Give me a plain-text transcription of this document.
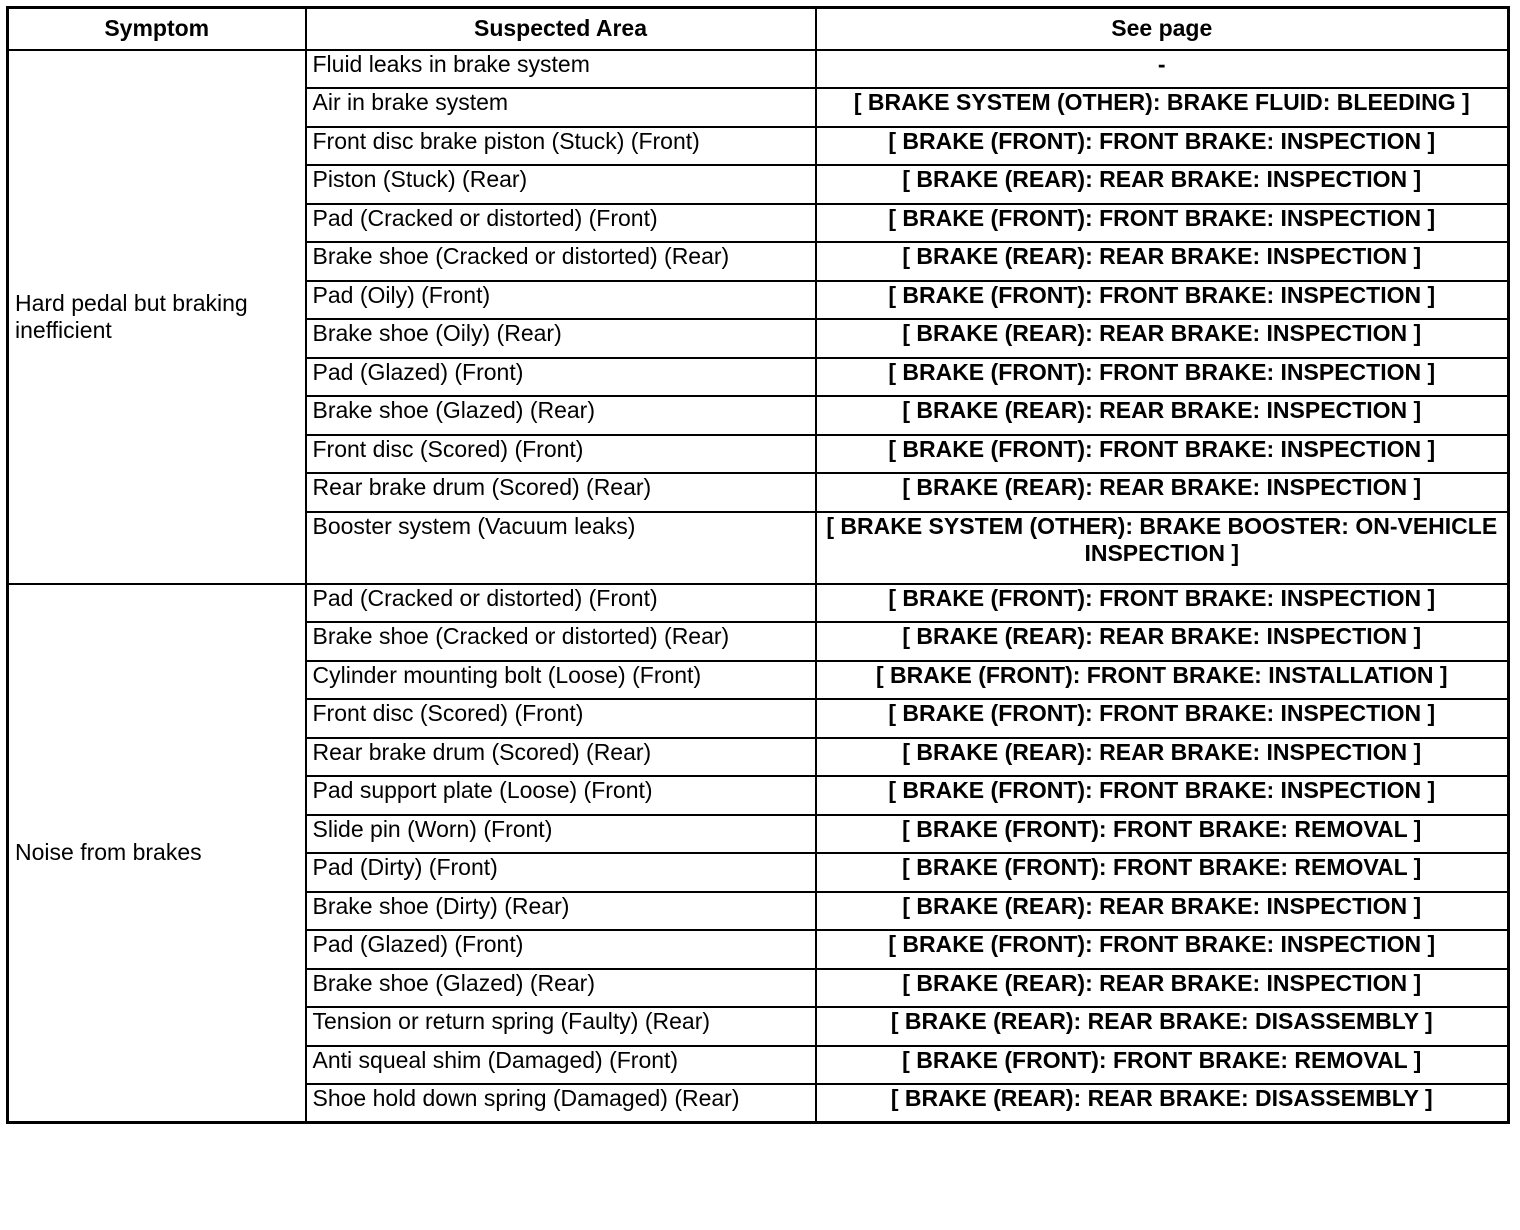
Symptom	Suspected Area	See page
Hard pedal but braking inefficient	Fluid leaks in brake system	-
	Air in brake system	[ BRAKE SYSTEM (OTHER): BRAKE FLUID: BLEEDING ]
	Front disc brake piston (Stuck) (Front)	[ BRAKE (FRONT): FRONT BRAKE: INSPECTION ]
	Piston (Stuck) (Rear)	[ BRAKE (REAR): REAR BRAKE: INSPECTION ]
	Pad (Cracked or distorted) (Front)	[ BRAKE (FRONT): FRONT BRAKE: INSPECTION ]
	Brake shoe (Cracked or distorted) (Rear)	[ BRAKE (REAR): REAR BRAKE: INSPECTION ]
	Pad (Oily) (Front)	[ BRAKE (FRONT): FRONT BRAKE: INSPECTION ]
	Brake shoe (Oily) (Rear)	[ BRAKE (REAR): REAR BRAKE: INSPECTION ]
	Pad (Glazed) (Front)	[ BRAKE (FRONT): FRONT BRAKE: INSPECTION ]
	Brake shoe (Glazed) (Rear)	[ BRAKE (REAR): REAR BRAKE: INSPECTION ]
	Front disc (Scored) (Front)	[ BRAKE (FRONT): FRONT BRAKE: INSPECTION ]
	Rear brake drum (Scored) (Rear)	[ BRAKE (REAR): REAR BRAKE: INSPECTION ]
	Booster system (Vacuum leaks)	[ BRAKE SYSTEM (OTHER): BRAKE BOOSTER: ON-VEHICLE INSPECTION ]
Noise from brakes	Pad (Cracked or distorted) (Front)	[ BRAKE (FRONT): FRONT BRAKE: INSPECTION ]
	Brake shoe (Cracked or distorted) (Rear)	[ BRAKE (REAR): REAR BRAKE: INSPECTION ]
	Cylinder mounting bolt (Loose) (Front)	[ BRAKE (FRONT): FRONT BRAKE: INSTALLATION ]
	Front disc (Scored) (Front)	[ BRAKE (FRONT): FRONT BRAKE: INSPECTION ]
	Rear brake drum (Scored) (Rear)	[ BRAKE (REAR): REAR BRAKE: INSPECTION ]
	Pad support plate (Loose) (Front)	[ BRAKE (FRONT): FRONT BRAKE: INSPECTION ]
	Slide pin (Worn) (Front)	[ BRAKE (FRONT): FRONT BRAKE: REMOVAL ]
	Pad (Dirty) (Front)	[ BRAKE (FRONT): FRONT BRAKE: REMOVAL ]
	Brake shoe (Dirty) (Rear)	[ BRAKE (REAR): REAR BRAKE: INSPECTION ]
	Pad (Glazed) (Front)	[ BRAKE (FRONT): FRONT BRAKE: INSPECTION ]
	Brake shoe (Glazed) (Rear)	[ BRAKE (REAR): REAR BRAKE: INSPECTION ]
	Tension or return spring (Faulty) (Rear)	[ BRAKE (REAR): REAR BRAKE: DISASSEMBLY ]
	Anti squeal shim (Damaged) (Front)	[ BRAKE (FRONT): FRONT BRAKE: REMOVAL ]
	Shoe hold down spring (Damaged) (Rear)	[ BRAKE (REAR): REAR BRAKE: DISASSEMBLY ]
